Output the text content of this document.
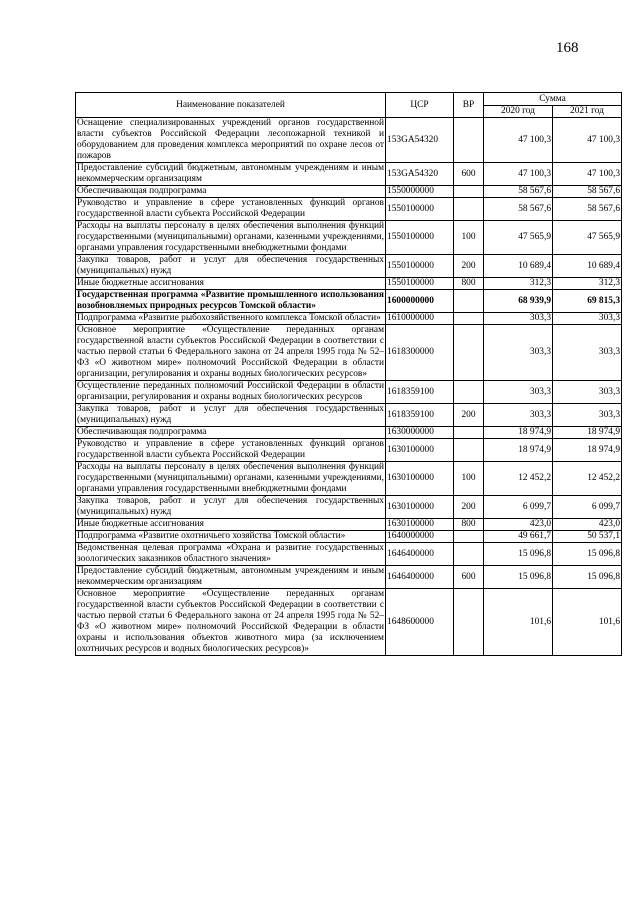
168
Наименование показателей	ЦСР	ВР	Сумма	
			2020 год	2021 год
Оснащение специализированных учреждений органов государственной власти субъектов Российской Федерации лесопожарной техникой и оборудованием для проведения комплекса мероприятий по охране лесов от пожаров	153GA54320		47 100,3	47 100,3
Предоставление субсидий бюджетным, автономным учреждениям и иным некоммерческим организациям	153GA54320	600	47 100,3	47 100,3
Обеспечивающая подпрограмма	1550000000		58 567,6	58 567,6
Руководство и управление в сфере установленных функций органов государственной власти субъекта Российской Федерации	1550100000		58 567,6	58 567,6
Расходы на выплаты персоналу в целях обеспечения выполнения функций государственными (муниципальными) органами, казенными учреждениями, органами управления государственными внебюджетными фондами	1550100000	100	47 565,9	47 565,9
Закупка товаров, работ и услуг для обеспечения государственных (муниципальных) нужд	1550100000	200	10 689,4	10 689,4
Иные бюджетные ассигнования	1550100000	800	312,3	312,3
Государственная программа «Развитие промышленного использования возобновляемых природных ресурсов Томской области»	1600000000		68 939,9	69 815,3
Подпрограмма «Развитие рыбохозяйственного комплекса Томской области»	1610000000		303,3	303,3
Основное мероприятие «Осуществление переданных органам государственной власти субъектов Российской Федерации в соответствии с частью первой статьи 6 Федерального закона от 24 апреля 1995 года № 52–ФЗ «О животном мире» полномочий Российской Федерации в области организации, регулирования и охраны водных биологических ресурсов»	1618300000		303,3	303,3
Осуществление переданных полномочий Российской Федерации в области организации, регулирования и охраны водных биологических ресурсов	1618359100		303,3	303,3
Закупка товаров, работ и услуг для обеспечения государственных (муниципальных) нужд	1618359100	200	303,3	303,3
Обеспечивающая подпрограмма	1630000000		18 974,9	18 974,9
Руководство и управление в сфере установленных функций органов государственной власти субъекта Российской Федерации	1630100000		18 974,9	18 974,9
Расходы на выплаты персоналу в целях обеспечения выполнения функций государственными (муниципальными) органами, казенными учреждениями, органами управления государственными внебюджетными фондами	1630100000	100	12 452,2	12 452,2
Закупка товаров, работ и услуг для обеспечения государственных (муниципальных) нужд	1630100000	200	6 099,7	6 099,7
Иные бюджетные ассигнования	1630100000	800	423,0	423,0
Подпрограмма «Развитие охотничьего хозяйства Томской области»	1640000000		49 661,7	50 537,1
Ведомственная целевая программа «Охрана и развитие государственных зоологических заказников областного значения»	1646400000		15 096,8	15 096,8
Предоставление субсидий бюджетным, автономным учреждениям и иным некоммерческим организациям	1646400000	600	15 096,8	15 096,8
Основное мероприятие «Осуществление переданных органам государственной власти субъектов Российской Федерации в соответствии с частью первой статьи 6 Федерального закона от 24 апреля 1995 года № 52–ФЗ «О животном мире» полномочий Российской Федерации в области охраны и использования объектов животного мира (за исключением охотничьих ресурсов и водных биологических ресурсов)»	1648600000		101,6	101,6
